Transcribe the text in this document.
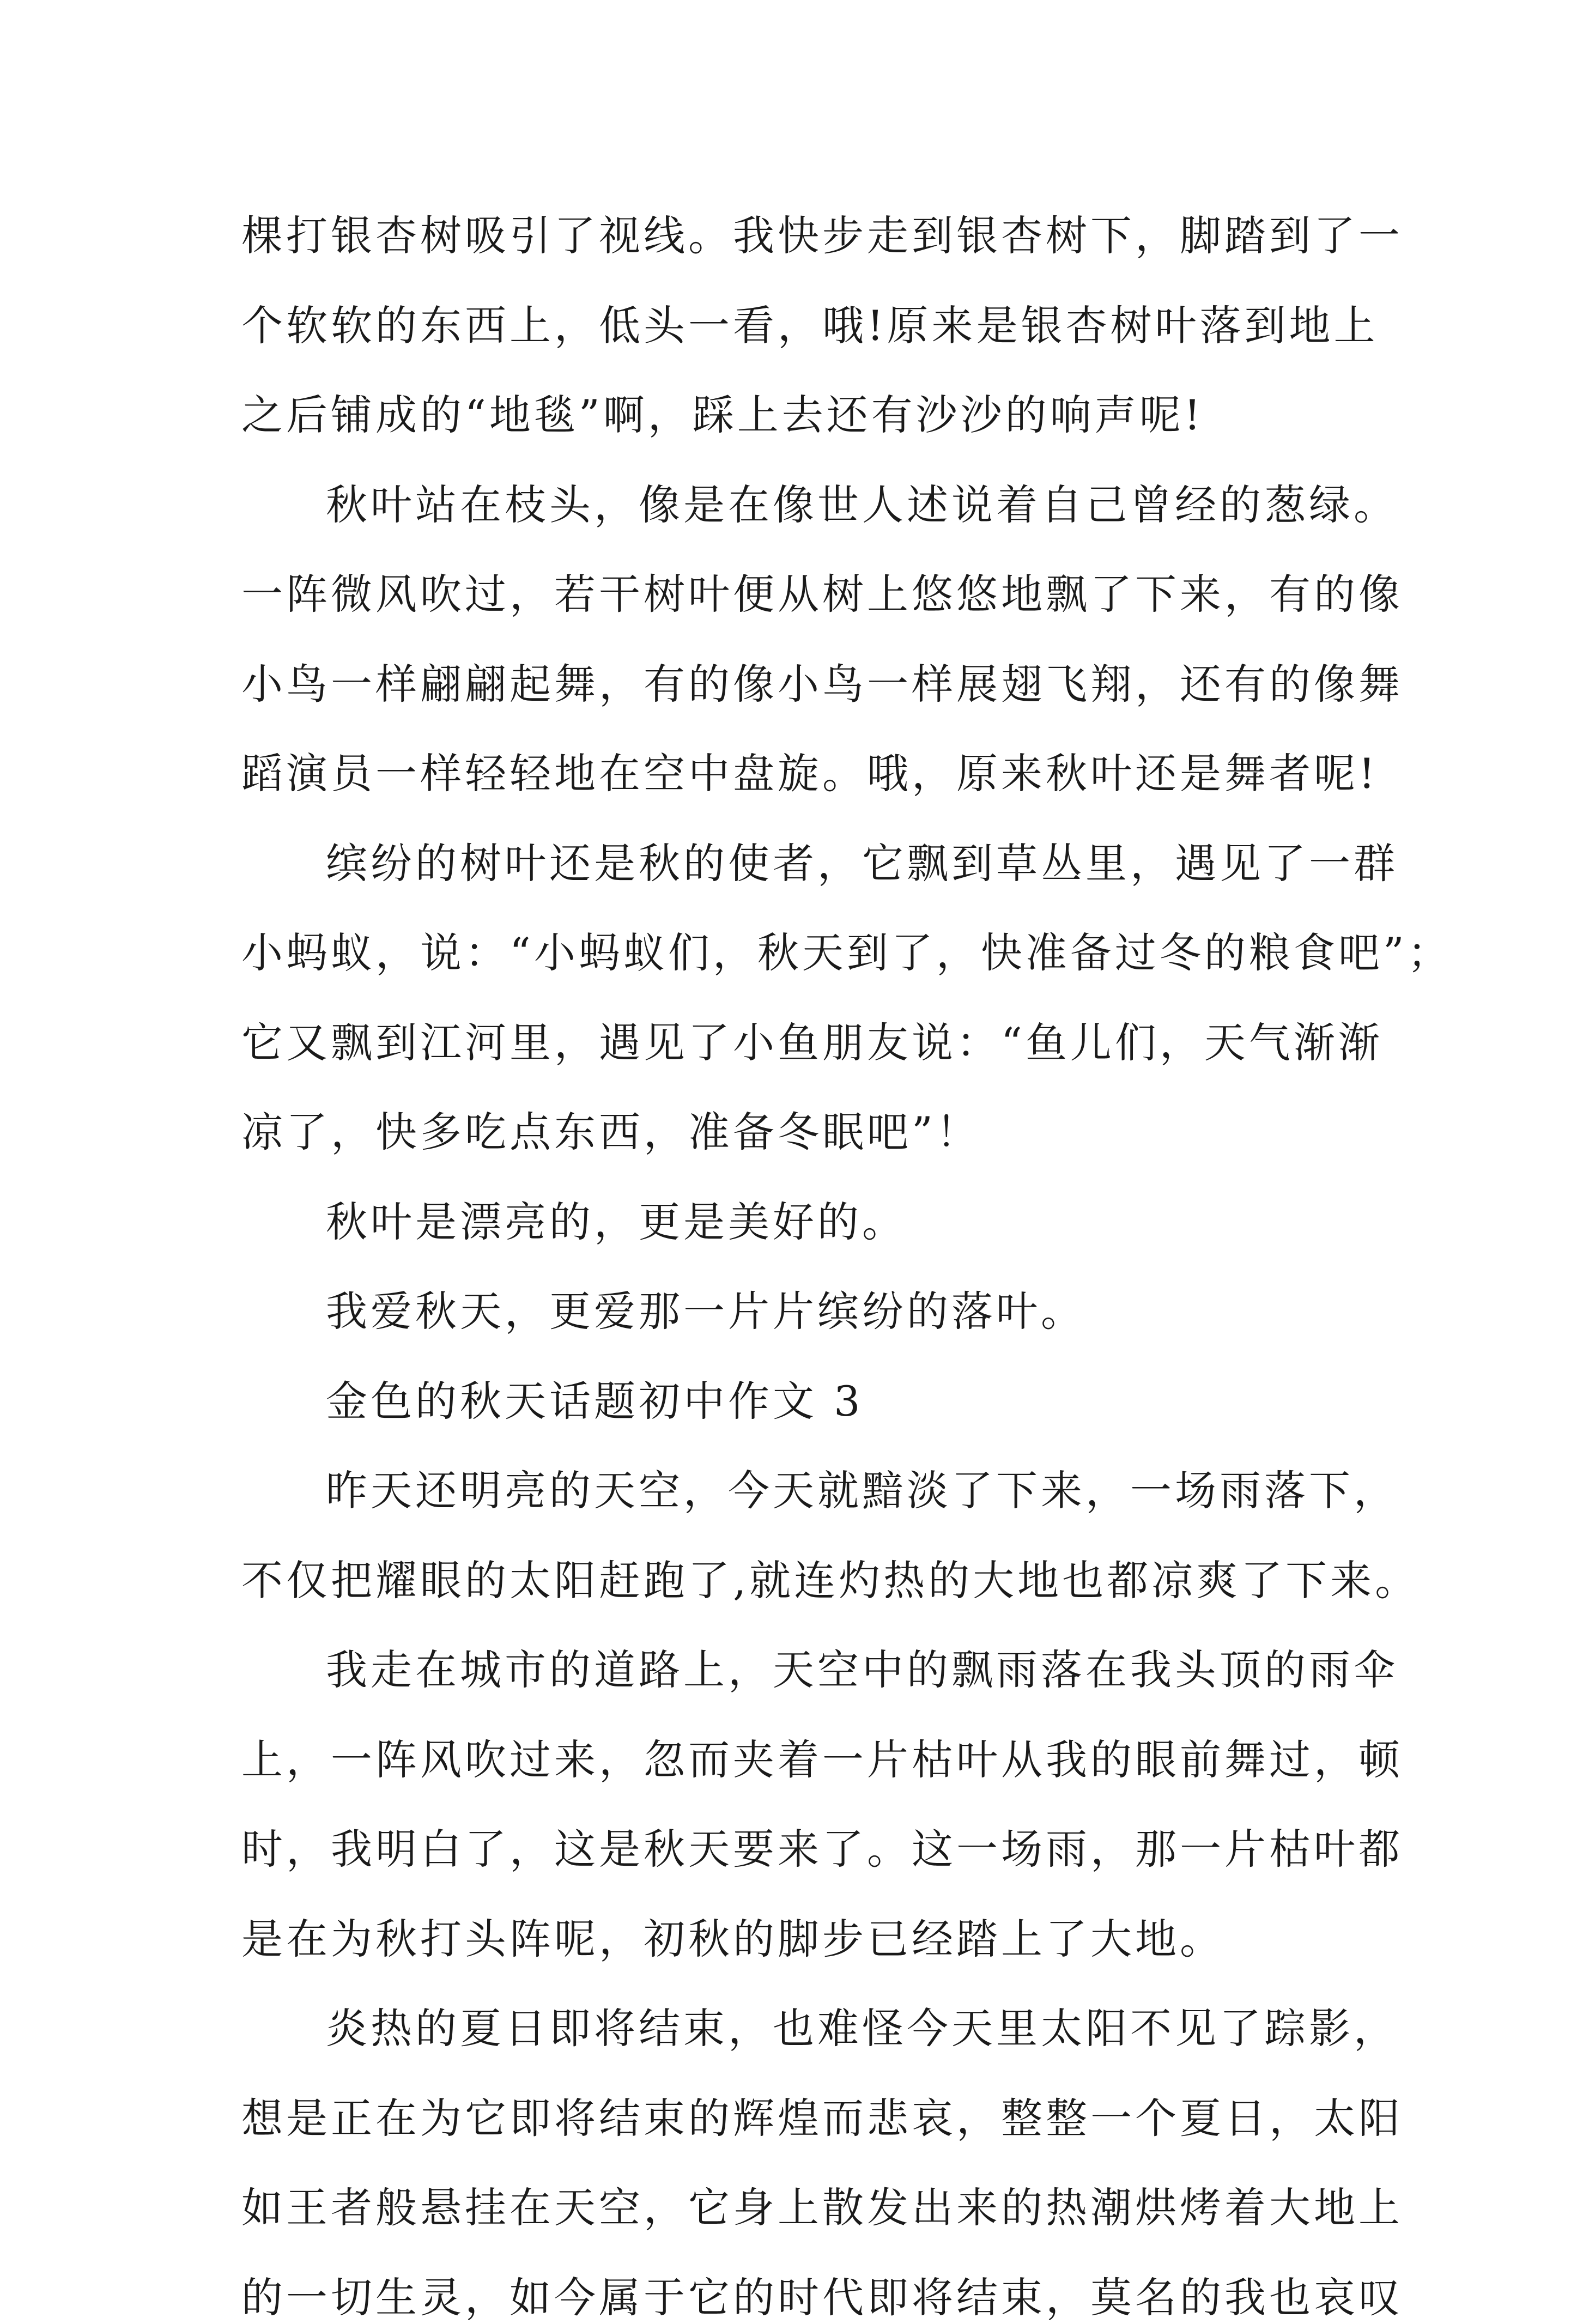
棵打银杏树吸引了视线。我快步走到银杏树下，脚踏到了一
个软软的东西上，低头一看，哦!原来是银杏树叶落到地上
之后铺成的“地毯”啊，踩上去还有沙沙的响声呢!
秋叶站在枝头，像是在像世人述说着自己曾经的葱绿。
一阵微风吹过，若干树叶便从树上悠悠地飘了下来，有的像
小鸟一样翩翩起舞，有的像小鸟一样展翅飞翔，还有的像舞
蹈演员一样轻轻地在空中盘旋。哦，原来秋叶还是舞者呢!
缤纷的树叶还是秋的使者，它飘到草丛里，遇见了一群
小蚂蚁，说：“小蚂蚁们，秋天到了，快准备过冬的粮食吧”；
它又飘到江河里，遇见了小鱼朋友说：“鱼儿们，天气渐渐
凉了，快多吃点东西，准备冬眠吧”！
秋叶是漂亮的，更是美好的。
我爱秋天，更爱那一片片缤纷的落叶。
金色的秋天话题初中作文 3
昨天还明亮的天空，今天就黯淡了下来，一场雨落下，
不仅把耀眼的太阳赶跑了,就连灼热的大地也都凉爽了下来。
我走在城市的道路上，天空中的飘雨落在我头顶的雨伞
上，一阵风吹过来，忽而夹着一片枯叶从我的眼前舞过，顿
时，我明白了，这是秋天要来了。这一场雨，那一片枯叶都
是在为秋打头阵呢，初秋的脚步已经踏上了大地。
炎热的夏日即将结束，也难怪今天里太阳不见了踪影，
想是正在为它即将结束的辉煌而悲哀，整整一个夏日，太阳
如王者般悬挂在天空，它身上散发出来的热潮烘烤着大地上
的一切生灵，如今属于它的时代即将结束，莫名的我也哀叹
